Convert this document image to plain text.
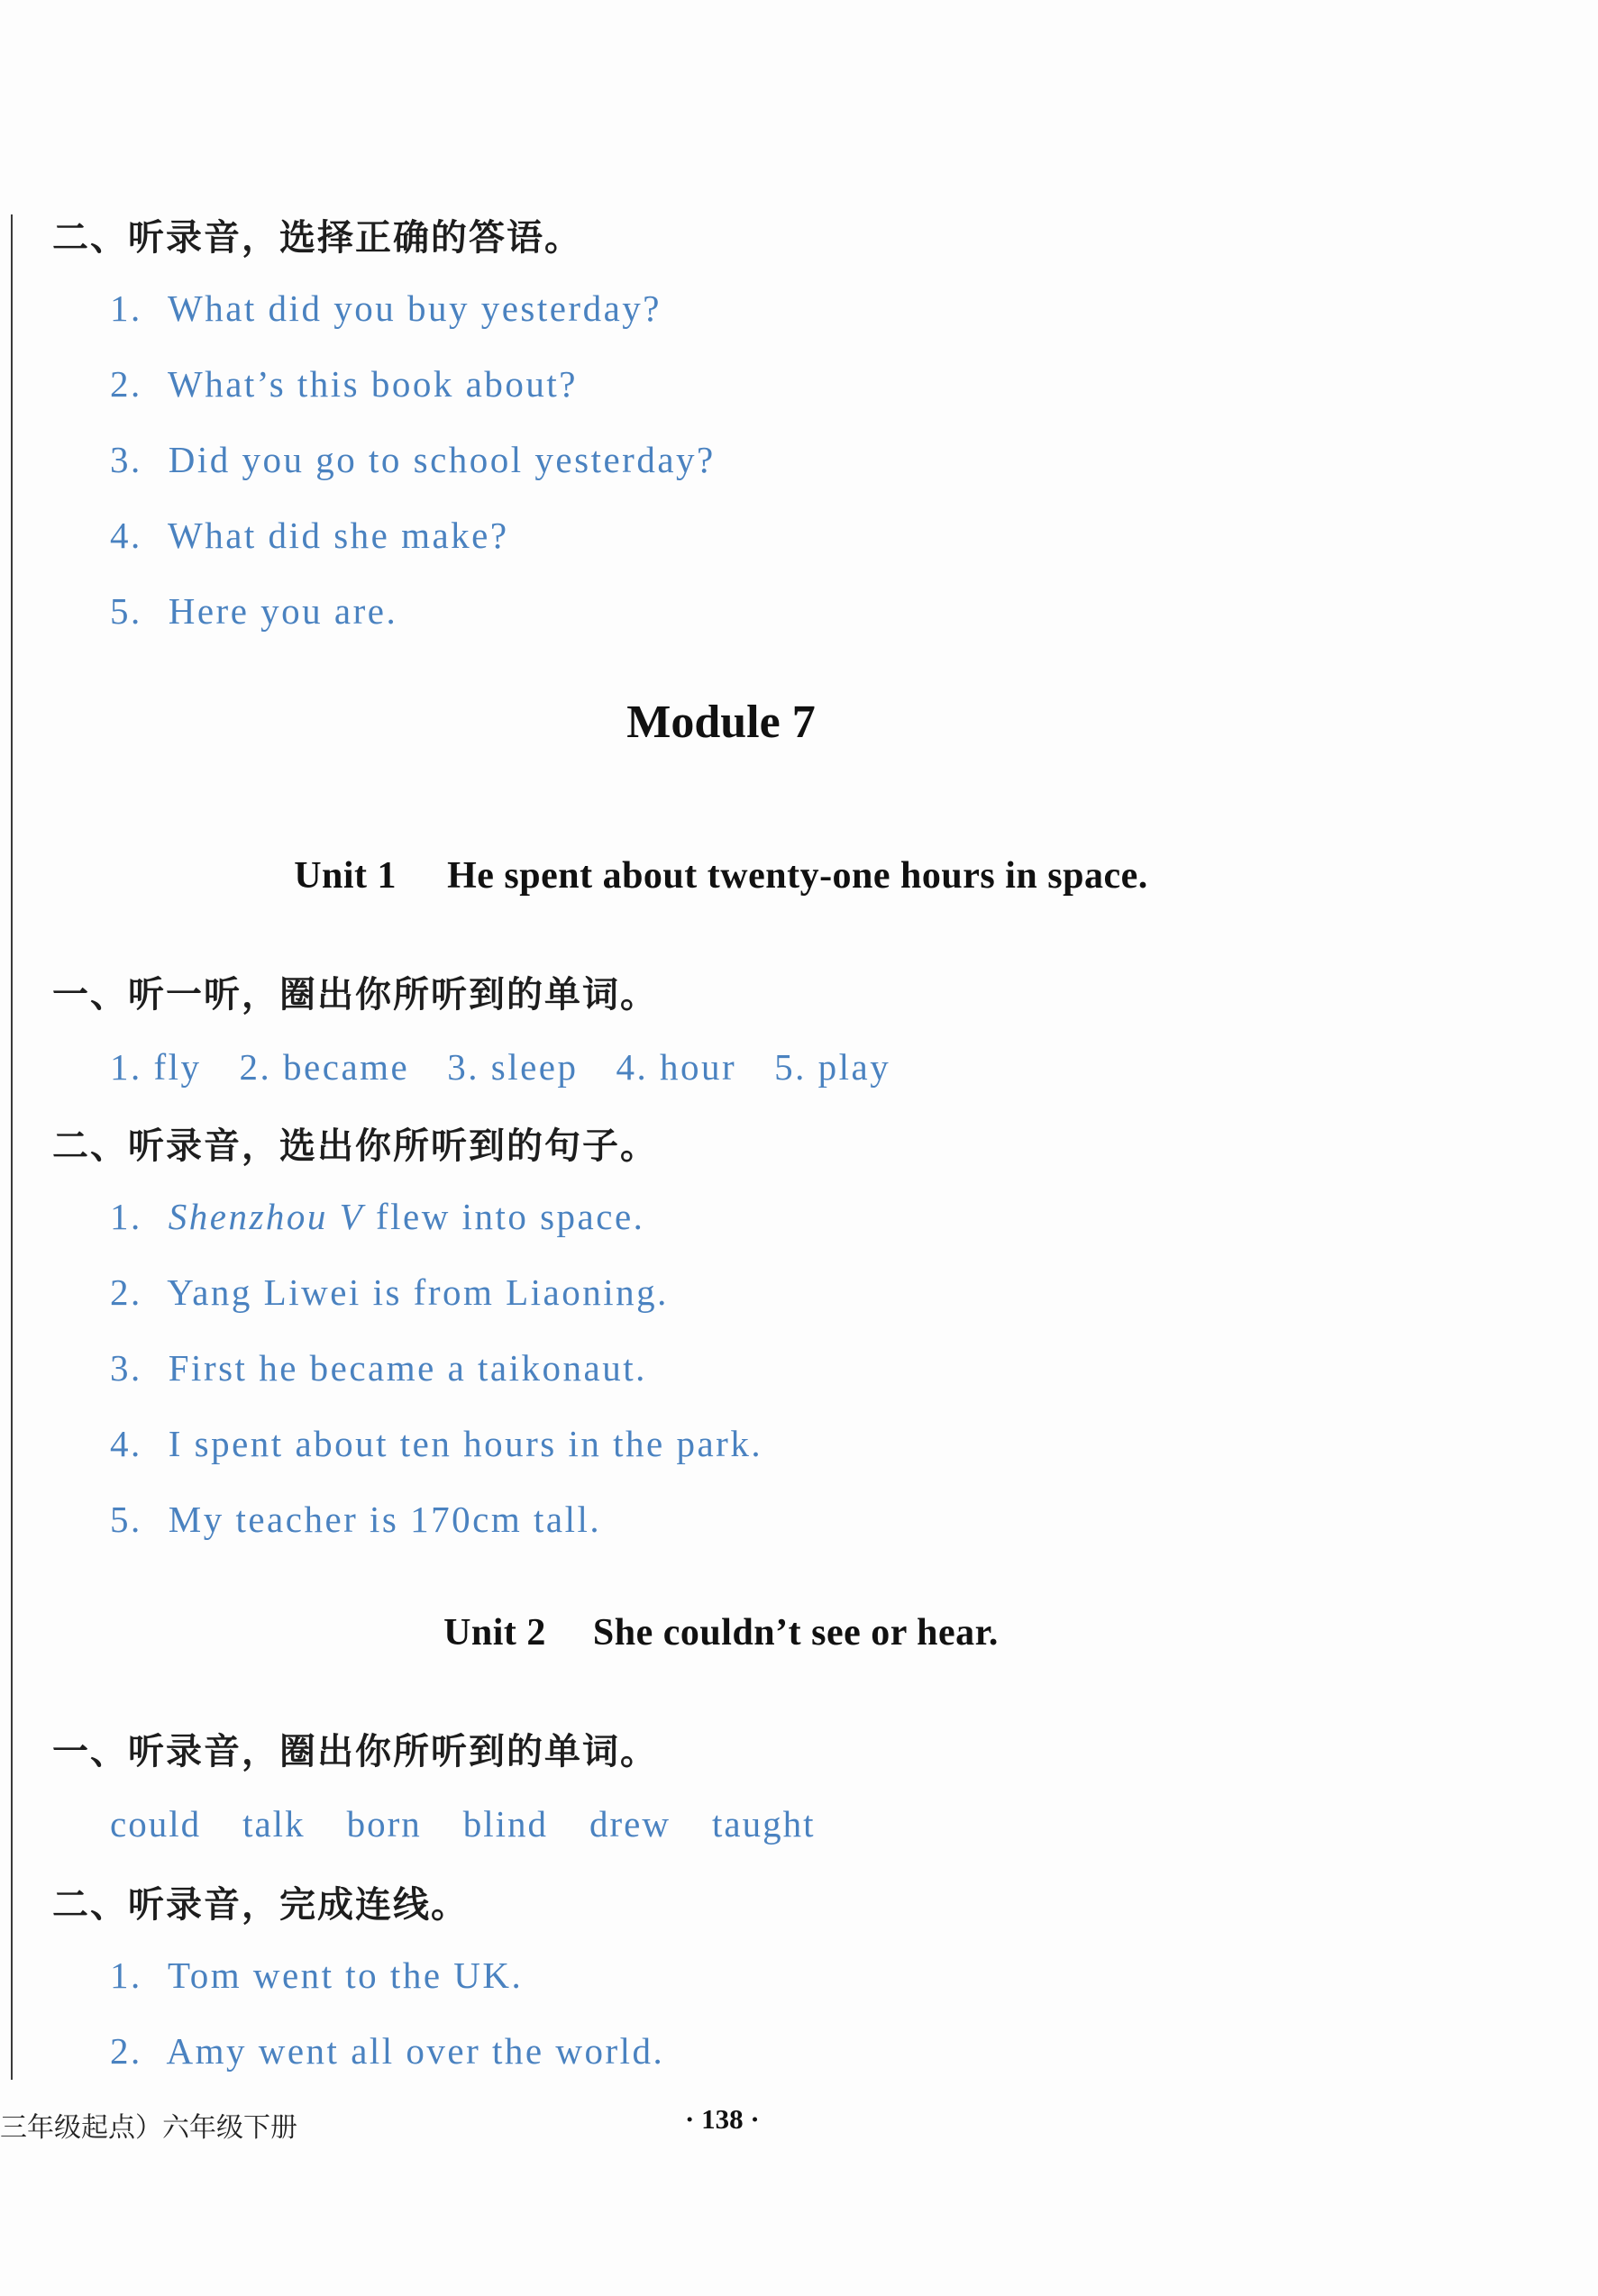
二、听录音，选择正确的答语。
1. What did you buy yesterday?
2. What’s this book about?
3. Did you go to school yesterday?
4. What did she make?
5. Here you are.
Module 7
Unit 1 He spent about twenty-one hours in space.
一、听一听，圈出你所听到的单词。
1. fly 2. became 3. sleep 4. hour 5. play
二、听录音，选出你所听到的句子。
1. Shenzhou V flew into space.
2. Yang Liwei is from Liaoning.
3. First he became a taikonaut.
4. I spent about ten hours in the park.
5. My teacher is 170cm tall.
Unit 2 She couldn’t see or hear.
一、听录音，圈出你所听到的单词。
could talk born blind drew taught
二、听录音，完成连线。
1. Tom went to the UK.
2. Amy went all over the world.
三年级起点）六年级下册	· 138 ·
